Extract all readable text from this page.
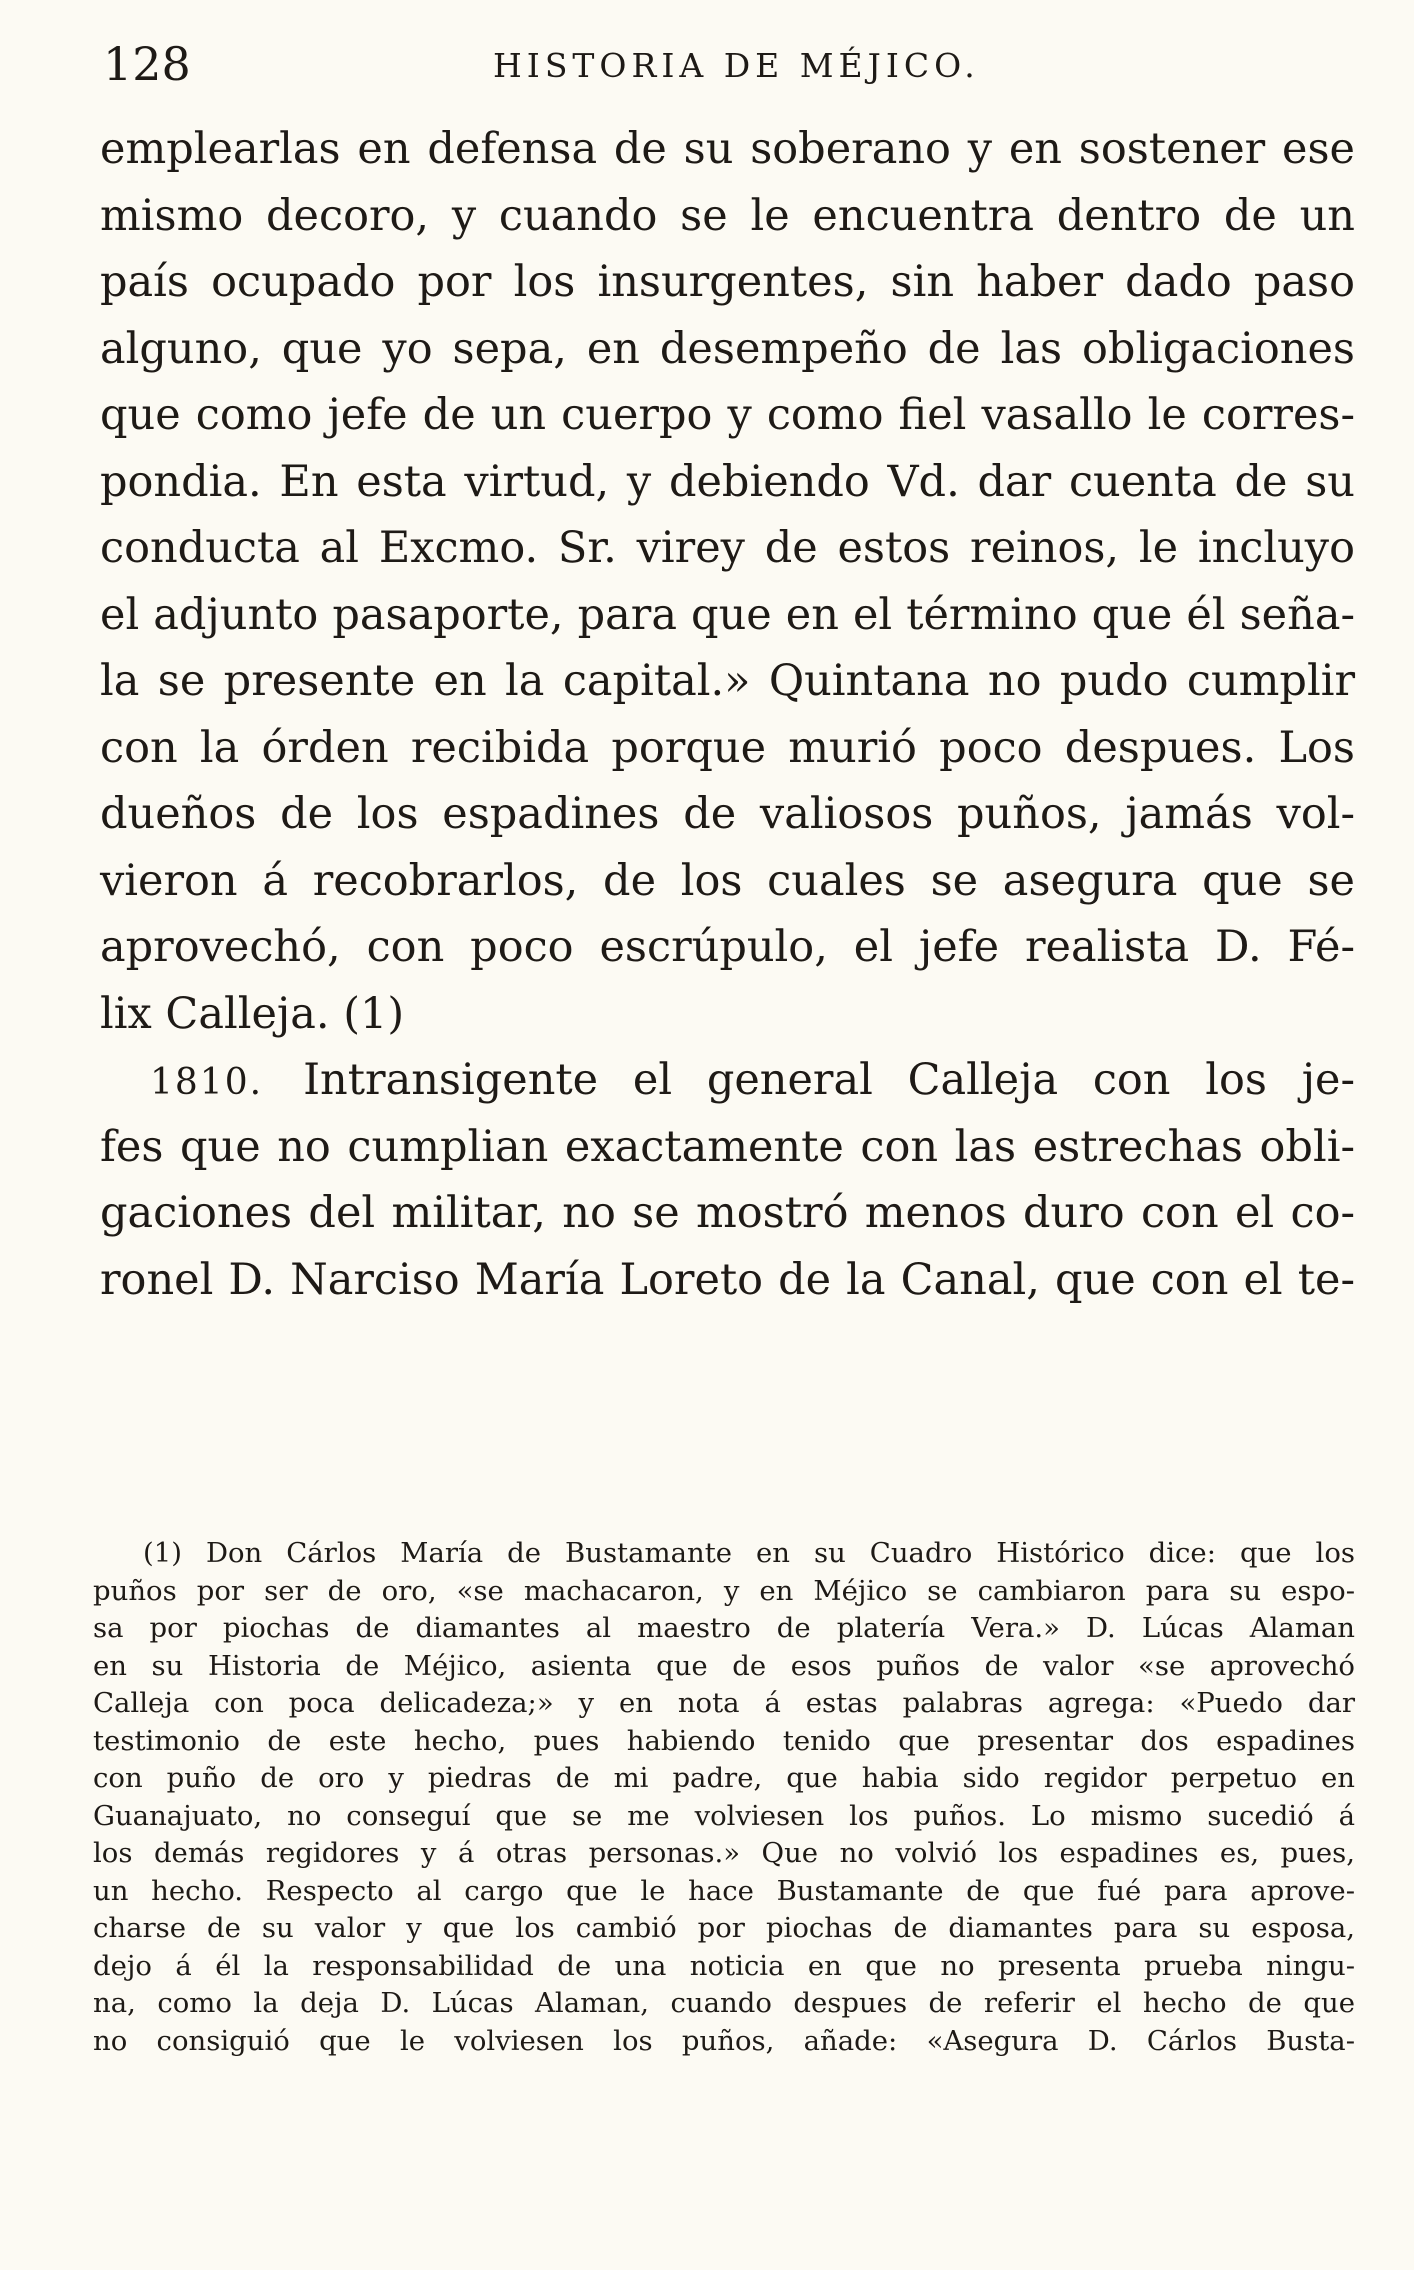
128	HISTORIA DE MÉJICO.
emplearlas en defensa de su soberano y en sostener ese
mismo decoro, y cuando se le encuentra dentro de un
país ocupado por los insurgentes, sin haber dado paso
alguno, que yo sepa, en desempeño de las obligaciones
que como jefe de un cuerpo y como fiel vasallo le corres-
pondia. En esta virtud, y debiendo Vd. dar cuenta de su
conducta al Excmo. Sr. virey de estos reinos, le incluyo
el adjunto pasaporte, para que en el término que él seña-
la se presente en la capital.» Quintana no pudo cumplir
con la órden recibida porque murió poco despues. Los
dueños de los espadines de valiosos puños, jamás vol-
vieron á recobrarlos, de los cuales se asegura que se
aprovechó, con poco escrúpulo, el jefe realista D. Fé-
lix Calleja. (1)
1810. Intransigente el general Calleja con los je-
fes que no cumplian exactamente con las estrechas obli-
gaciones del militar, no se mostró menos duro con el co-
ronel D. Narciso María Loreto de la Canal, que con el te-
(1) Don Cárlos María de Bustamante en su Cuadro Histórico dice: que los
puños por ser de oro, «se machacaron, y en Méjico se cambiaron para su espo-
sa por piochas de diamantes al maestro de platería Vera.» D. Lúcas Alaman
en su Historia de Méjico, asienta que de esos puños de valor «se aprovechó
Calleja con poca delicadeza;» y en nota á estas palabras agrega: «Puedo dar
testimonio de este hecho, pues habiendo tenido que presentar dos espadines
con puño de oro y piedras de mi padre, que habia sido regidor perpetuo en
Guanajuato, no conseguí que se me volviesen los puños. Lo mismo sucedió á
los demás regidores y á otras personas.» Que no volvió los espadines es, pues,
un hecho. Respecto al cargo que le hace Bustamante de que fué para aprove-
charse de su valor y que los cambió por piochas de diamantes para su esposa,
dejo á él la responsabilidad de una noticia en que no presenta prueba ningu-
na, como la deja D. Lúcas Alaman, cuando despues de referir el hecho de que
no consiguió que le volviesen los puños, añade: «Asegura D. Cárlos Busta-
